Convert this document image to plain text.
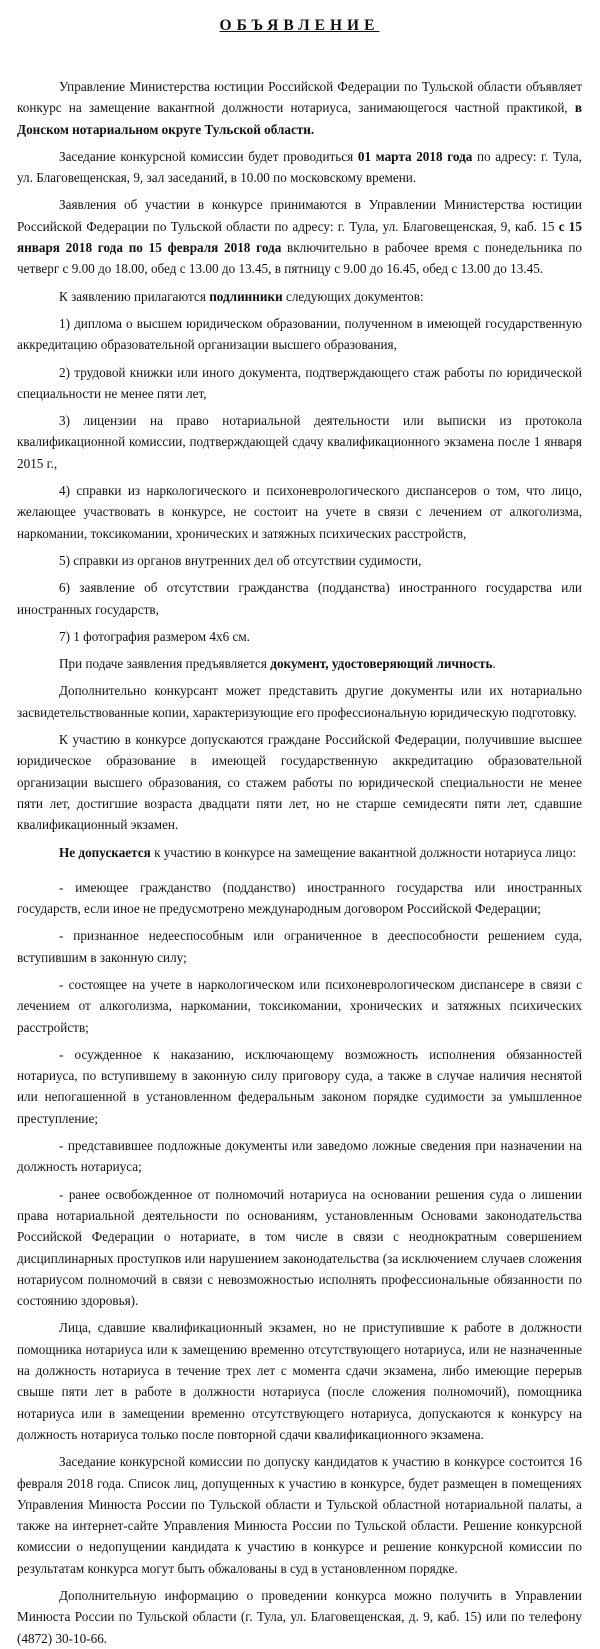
ОБЪЯВЛЕНИЕ

Управление Министерства юстиции Российской Федерации по Тульской области объявляет конкурс на замещение вакантной должности нотариуса, занимающегося частной практикой, в Донском нотариальном округе Тульской области.

Заседание конкурсной комиссии будет проводиться 01 марта 2018 года по адресу: г. Тула, ул. Благовещенская, 9, зал заседаний, в 10.00 по московскому времени.

Заявления об участии в конкурсе принимаются в Управлении Министерства юстиции Российской Федерации по Тульской области по адресу: г. Тула, ул. Благовещенская, 9, каб. 15 с 15 января 2018 года по 15 февраля 2018 года включительно в рабочее время с понедельника по четверг с 9.00 до 18.00, обед с 13.00 до 13.45, в пятницу с 9.00 до 16.45, обед с 13.00 до 13.45.

К заявлению прилагаются подлинники следующих документов:

1) диплома о высшем юридическом образовании, полученном в имеющей государственную аккредитацию образовательной организации высшего образования,

2) трудовой книжки или иного документа, подтверждающего стаж работы по юридической специальности не менее пяти лет,

3) лицензии на право нотариальной деятельности или выписки из протокола квалификационной комиссии, подтверждающей сдачу квалификационного экзамена после 1 января 2015 г.,

4) справки из наркологического и психоневрологического диспансеров о том, что лицо, желающее участвовать в конкурсе, не состоит на учете в связи с лечением от алкоголизма, наркомании, токсикомании, хронических и затяжных психических расстройств,

5) справки из органов внутренних дел об отсутствии судимости,

6) заявление об отсутствии гражданства (подданства) иностранного государства или иностранных государств,

7) 1 фотография размером 4х6 см.

При подаче заявления предъявляется документ, удостоверяющий личность.

Дополнительно конкурсант может представить другие документы или их нотариально засвидетельствованные копии, характеризующие его профессиональную юридическую подготовку.

К участию в конкурсе допускаются граждане Российской Федерации, получившие высшее юридическое образование в имеющей государственную аккредитацию образовательной организации высшего образования, со стажем работы по юридической специальности не менее пяти лет, достигшие возраста двадцати пяти лет, но не старше семидесяти пяти лет, сдавшие квалификационный экзамен.

Не допускается к участию в конкурсе на замещение вакантной должности нотариуса лицо:

- имеющее гражданство (подданство) иностранного государства или иностранных государств, если иное не предусмотрено международным договором Российской Федерации;

- признанное недееспособным или ограниченное в дееспособности решением суда, вступившим в законную силу;

- состоящее на учете в наркологическом или психоневрологическом диспансере в связи с лечением от алкоголизма, наркомании, токсикомании, хронических и затяжных психических расстройств;

- осужденное к наказанию, исключающему возможность исполнения обязанностей нотариуса, по вступившему в законную силу приговору суда, а также в случае наличия неснятой или непогашенной в установленном федеральным законом порядке судимости за умышленное преступление;

- представившее подложные документы или заведомо ложные сведения при назначении на должность нотариуса;

- ранее освобожденное от полномочий нотариуса на основании решения суда о лишении права нотариальной деятельности по основаниям, установленным Основами законодательства Российской Федерации о нотариате, в том числе в связи с неоднократным совершением дисциплинарных проступков или нарушением законодательства (за исключением случаев сложения нотариусом полномочий в связи с невозможностью исполнять профессиональные обязанности по состоянию здоровья).

Лица, сдавшие квалификационный экзамен, но не приступившие к работе в должности помощника нотариуса или к замещению временно отсутствующего нотариуса, или не назначенные на должность нотариуса в течение трех лет с момента сдачи экзамена, либо имеющие перерыв свыше пяти лет в работе в должности нотариуса (после сложения полномочий), помощника нотариуса или в замещении временно отсутствующего нотариуса, допускаются к конкурсу на должность нотариуса только после повторной сдачи квалификационного экзамена.

Заседание конкурсной комиссии по допуску кандидатов к участию в конкурсе состоится 16 февраля 2018 года. Список лиц, допущенных к участию в конкурсе, будет размещен в помещениях Управления Минюста России по Тульской области и Тульской областной нотариальной палаты, а также на интернет-сайте Управления Минюста России по Тульской области. Решение конкурсной комиссии о недопущении кандидата к участию в конкурсе и решение конкурсной комиссии по результатам конкурса могут быть обжалованы в суд в установленном порядке.

Дополнительную информацию о проведении конкурса можно получить в Управлении Минюста России по Тульской области (г. Тула, ул. Благовещенская, д. 9, каб. 15) или по телефону (4872) 30-10-66.
